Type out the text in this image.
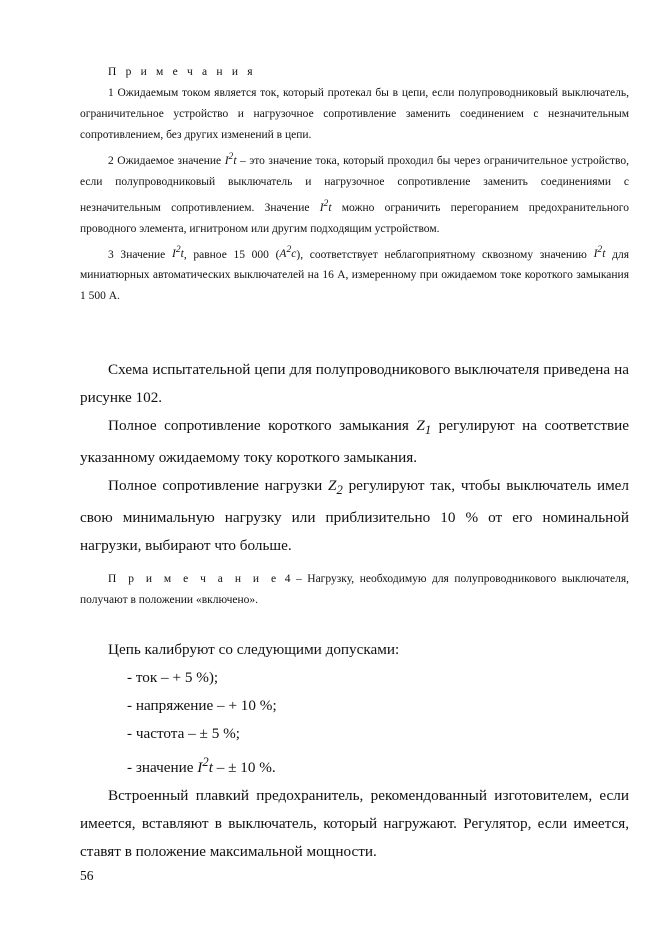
П р и м е ч а н и я

1 Ожидаемым током является ток, который протекал бы в цепи, если полупроводниковый выключатель, ограничительное устройство и нагрузочное сопротивление заменить соединением с незначительным сопротивлением, без других изменений в цепи.

2 Ожидаемое значение $I^2t$ – это значение тока, который проходил бы через ограничительное устройство, если полупроводниковый выключатель и нагрузочное сопротивление заменить соединениями с незначительным сопротивлением. Значение $I^2t$ можно ограничить перегоранием предохранительного проводного элемента, игнитроном или другим подходящим устройством.

3 Значение $I^2t$, равное 15 000 $(A^2c)$, соответствует неблагоприятному сквозному значению $I^2t$ для миниатюрных автоматических выключателей на 16 А, измеренному при ожидаемом токе короткого замыкания 1 500 А.

Схема испытательной цепи для полупроводникового выключателя приведена на рисунке 102.

Полное сопротивление короткого замыкания $Z_1$ регулируют на соответствие указанному ожидаемому току короткого замыкания.

Полное сопротивление нагрузки $Z_2$ регулируют так, чтобы выключатель имел свою минимальную нагрузку или приблизительно 10 % от его номинальной нагрузки, выбирают что больше.

П р и м е ч а н и е 4 – Нагрузку, необходимую для полупроводникового выключателя, получают в положении «включено».

Цепь калибруют со следующими допусками:

- ток – + 5 %);

- напряжение – + 10 %;

- частота – ± 5 %;

- значение $I^2t$ – ± 10 %.

Встроенный плавкий предохранитель, рекомендованный изготовителем, если имеется, вставляют в выключатель, который нагружают. Регулятор, если имеется, ставят в положение максимальной мощности.

56
